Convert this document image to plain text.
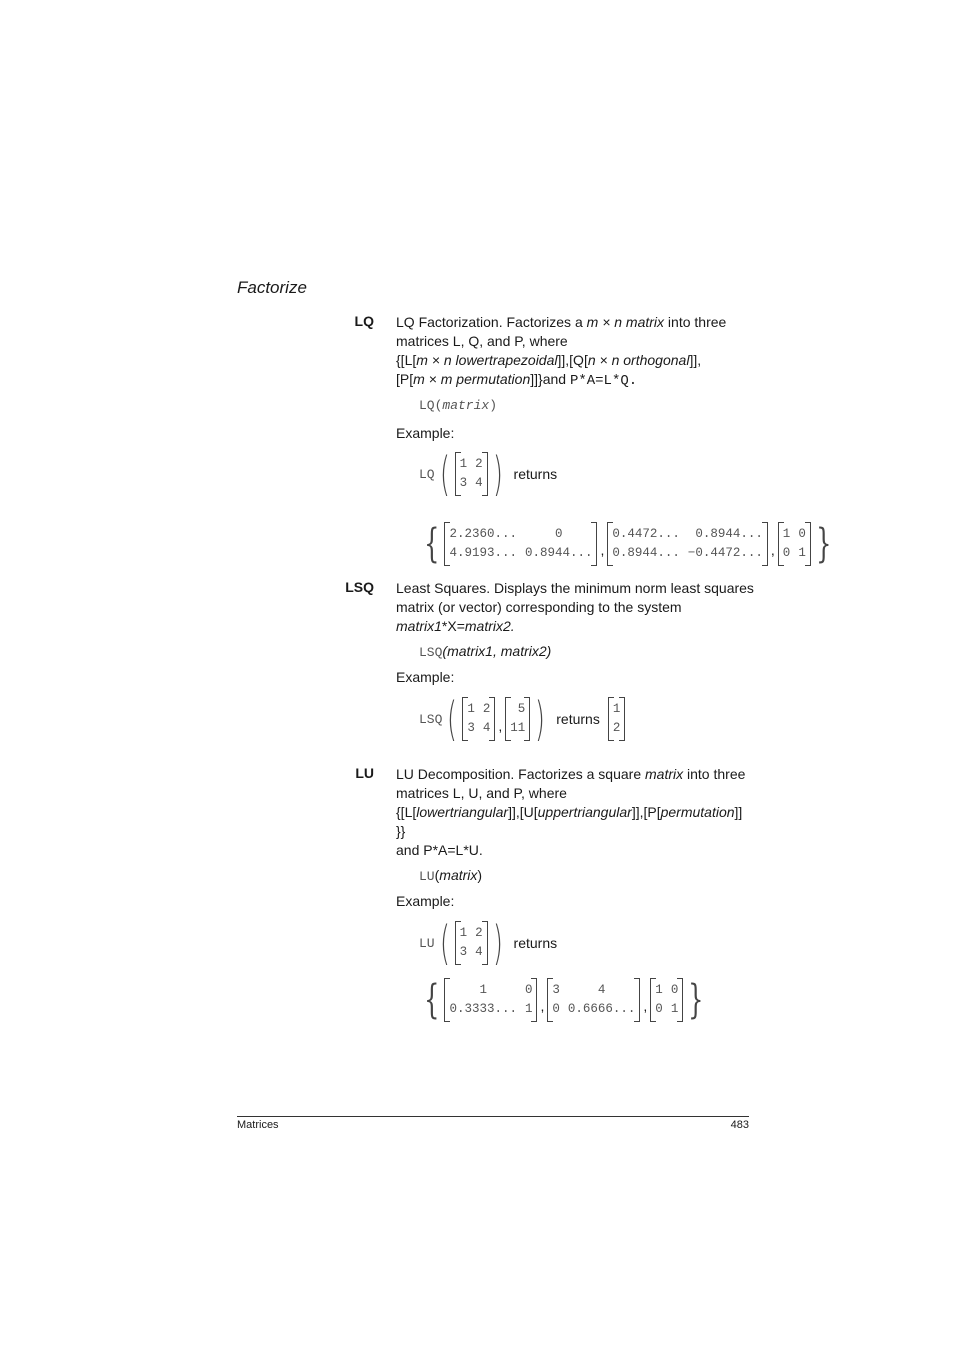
Factorize
LQ LQ Factorization. Factorizes a m × n matrix into three
matrices L, Q, and P, where
{[L[m × n lowertrapezoidal]],[Q[n × n orthogonal]],
[P[m × m permutation]]}and P*A=L*Q.
LQ(matrix)
Example:
LQ ( 1 2
3 4 ) returns
{ 2.2360...	0
4.9193... 0.8944... ,
0.4472...	0.8944...
0.8944... −0.4472... ,
1 0
0 1 }
LSQ Least Squares. Displays the minimum norm least squares
matrix (or vector) corresponding to the system
matrix1*X=matrix2.
LSQ(matrix1, matrix2)
Example:
LSQ ( 1 2
3 4 ,
5
11 ) returns
1
2
LU LU Decomposition. Factorizes a square matrix into three
matrices L, U, and P, where
{[L[lowertriangular]],[U[uppertriangular]],[P[permutation]]
}}
and P*A=L*U.
LU(matrix)
Example:
LU ( 1 2
3 4 ) returns
{	1	0
0.3333... 1 ,
3	4
0 0.6666... ,
1 0
0 1 }
Matrices	483
